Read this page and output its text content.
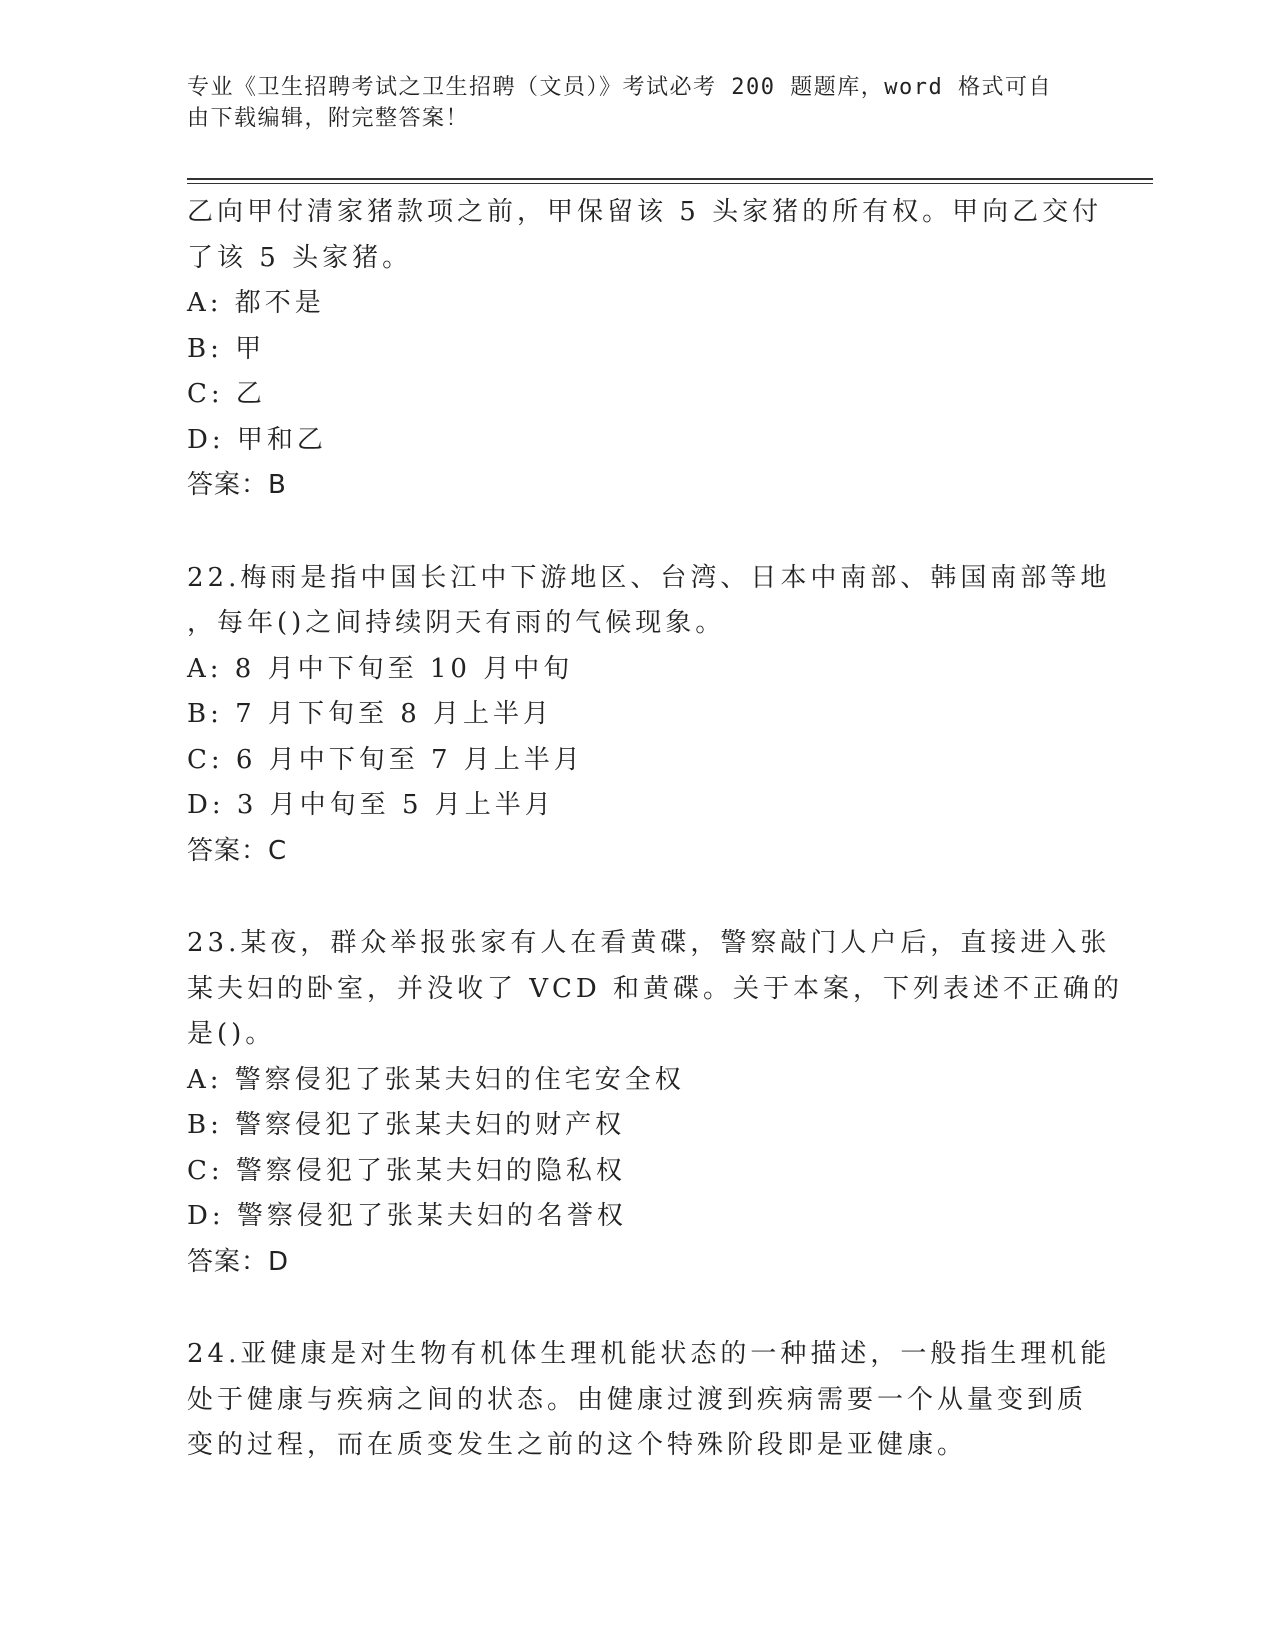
专业《卫生招聘考试之卫生招聘（文员）》考试必考 200 题题库，word 格式可自
由下载编辑，附完整答案！
乙向甲付清家猪款项之前，甲保留该 5 头家猪的所有权。甲向乙交付
了该 5 头家猪。
A: 都不是
B: 甲
C: 乙
D: 甲和乙
答案：B
22.梅雨是指中国长江中下游地区、台湾、日本中南部、韩国南部等地
，每年()之间持续阴天有雨的气候现象。
A: 8 月中下旬至 10 月中旬
B: 7 月下旬至 8 月上半月
C: 6 月中下旬至 7 月上半月
D: 3 月中旬至 5 月上半月
答案：C
23.某夜，群众举报张家有人在看黄碟，警察敲门人户后，直接进入张
某夫妇的卧室，并没收了 VCD 和黄碟。关于本案，下列表述不正确的
是()。
A: 警察侵犯了张某夫妇的住宅安全权
B: 警察侵犯了张某夫妇的财产权
C: 警察侵犯了张某夫妇的隐私权
D: 警察侵犯了张某夫妇的名誉权
答案：D
24.亚健康是对生物有机体生理机能状态的一种描述，一般指生理机能
处于健康与疾病之间的状态。由健康过渡到疾病需要一个从量变到质
变的过程，而在质变发生之前的这个特殊阶段即是亚健康。
